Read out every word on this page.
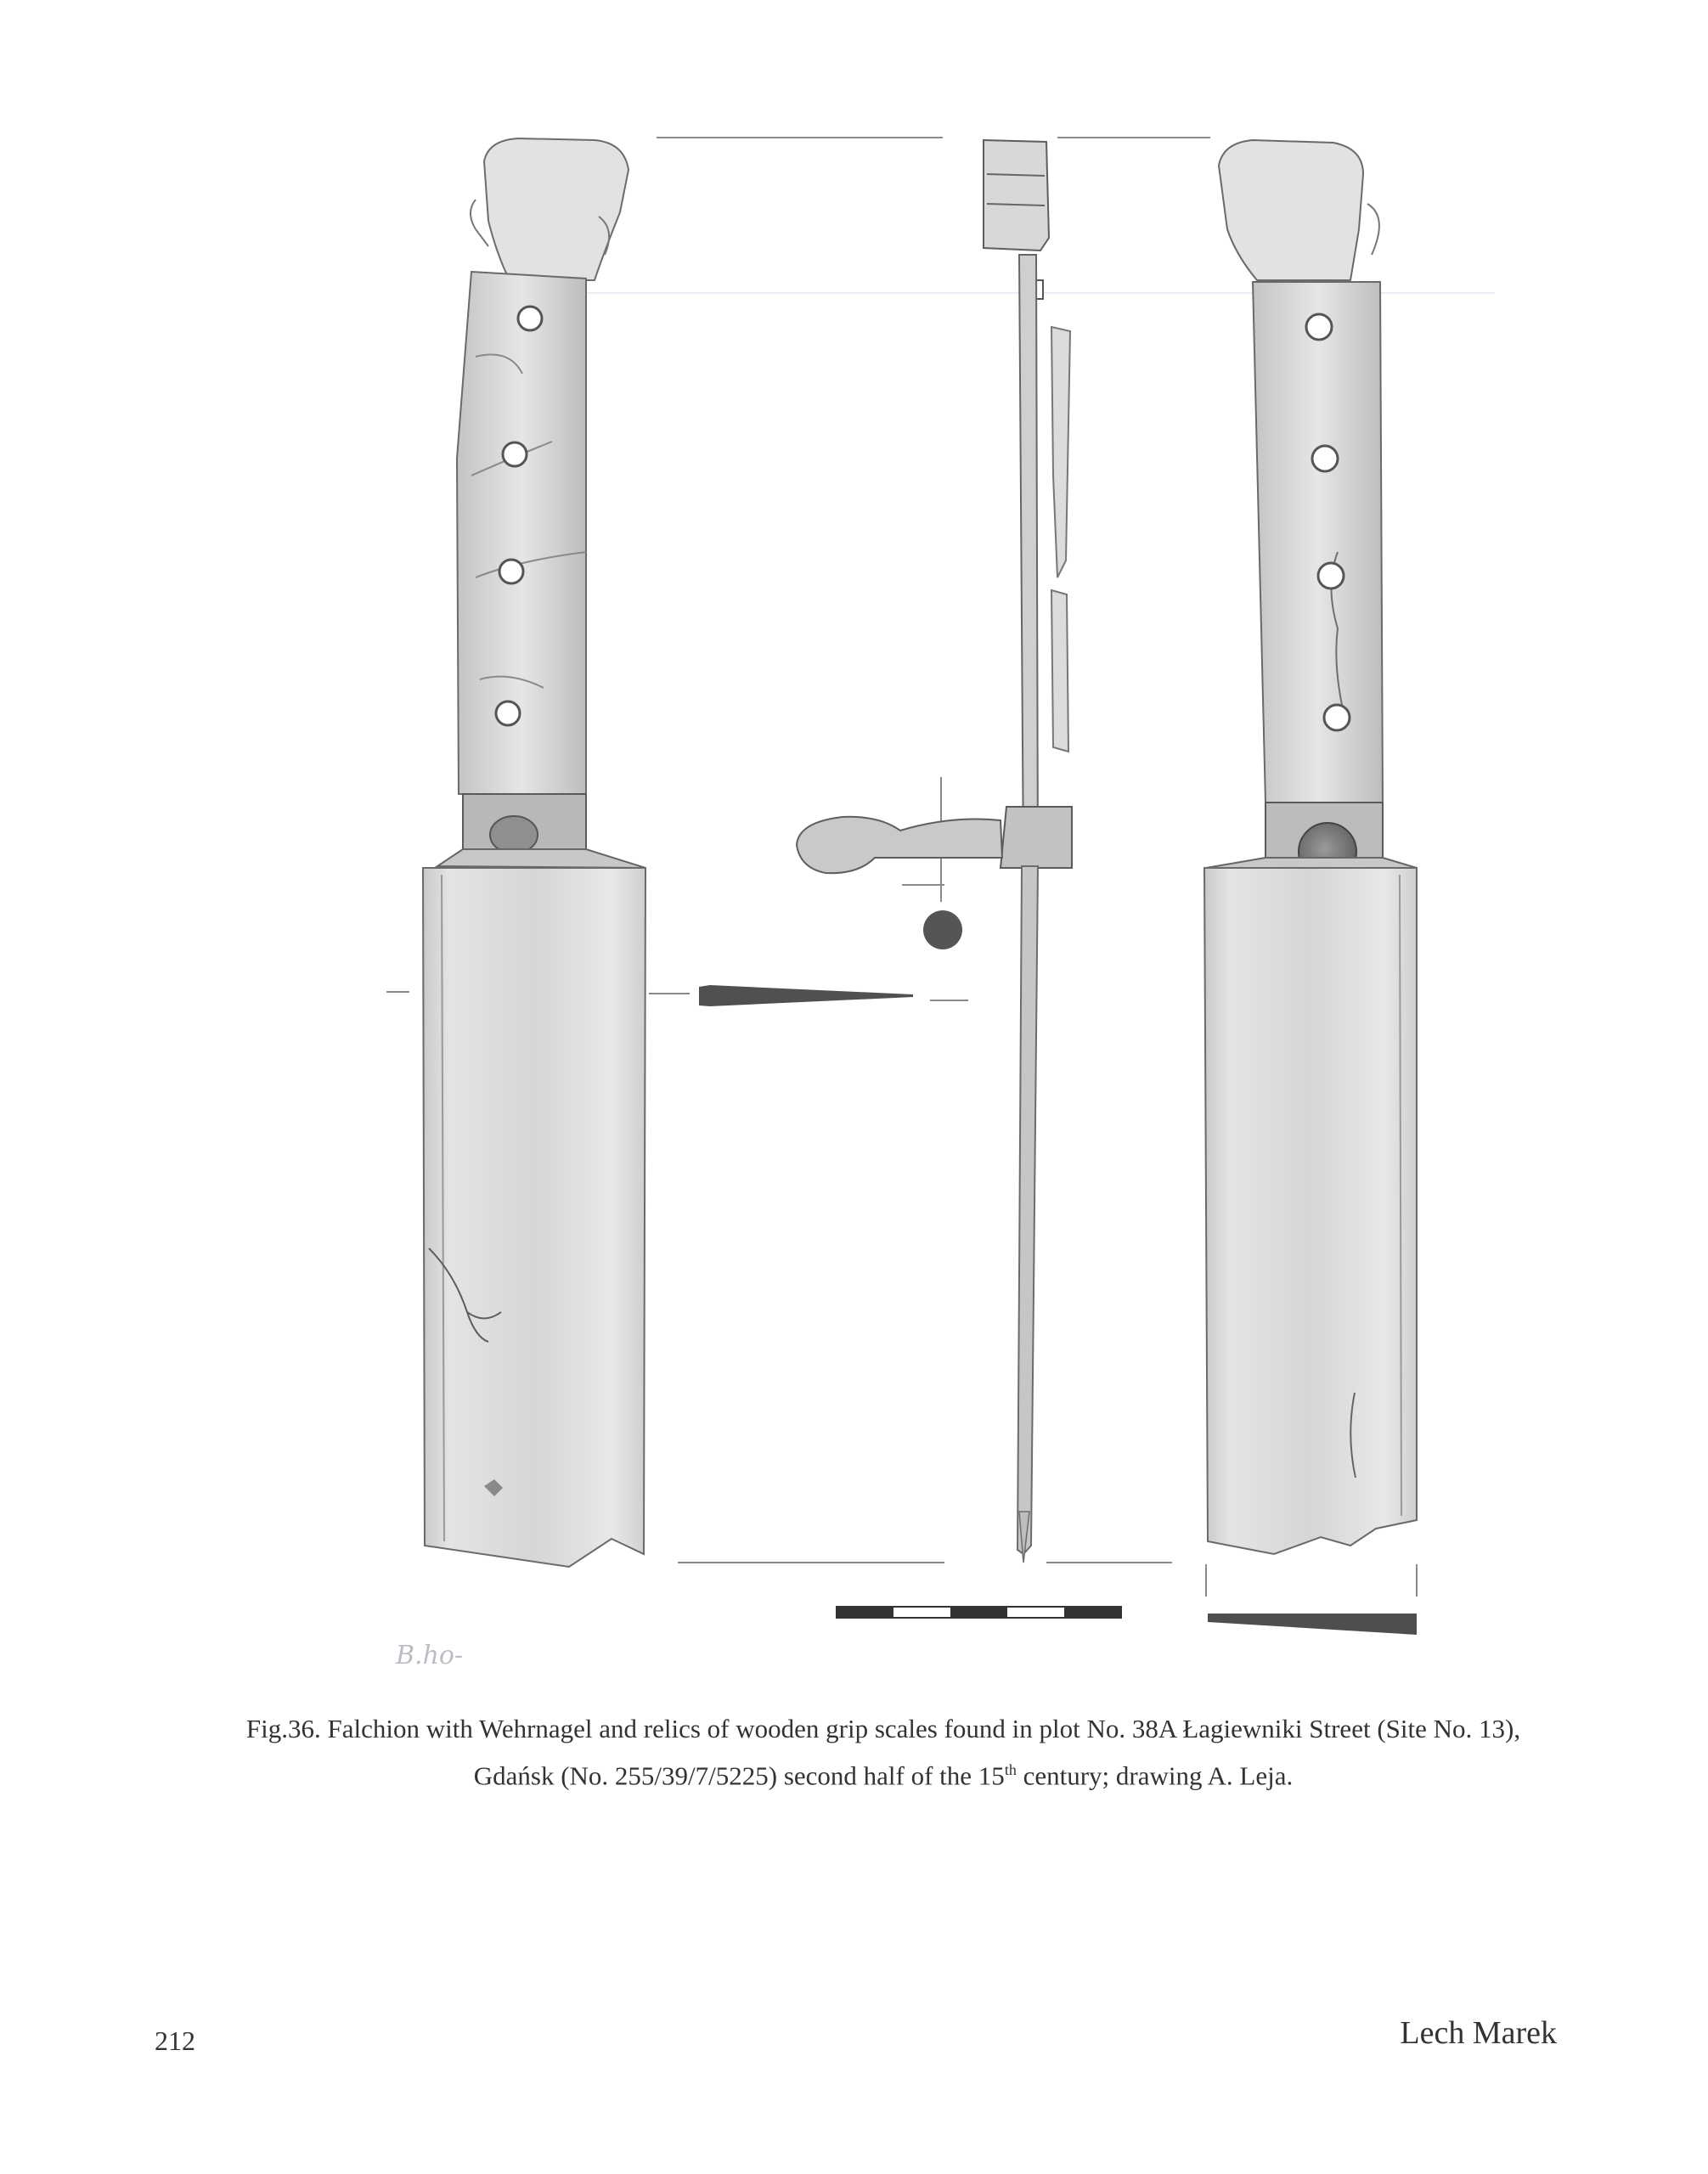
B.ho-
Fig.36. Falchion with Wehrnagel and relics of wooden grip scales found in plot No. 38A Łagiewniki Street (Site No. 13),
Gdańsk (No. 255/39/7/5225) second half of the 15th century; drawing A. Leja.
212	Lech Marek
